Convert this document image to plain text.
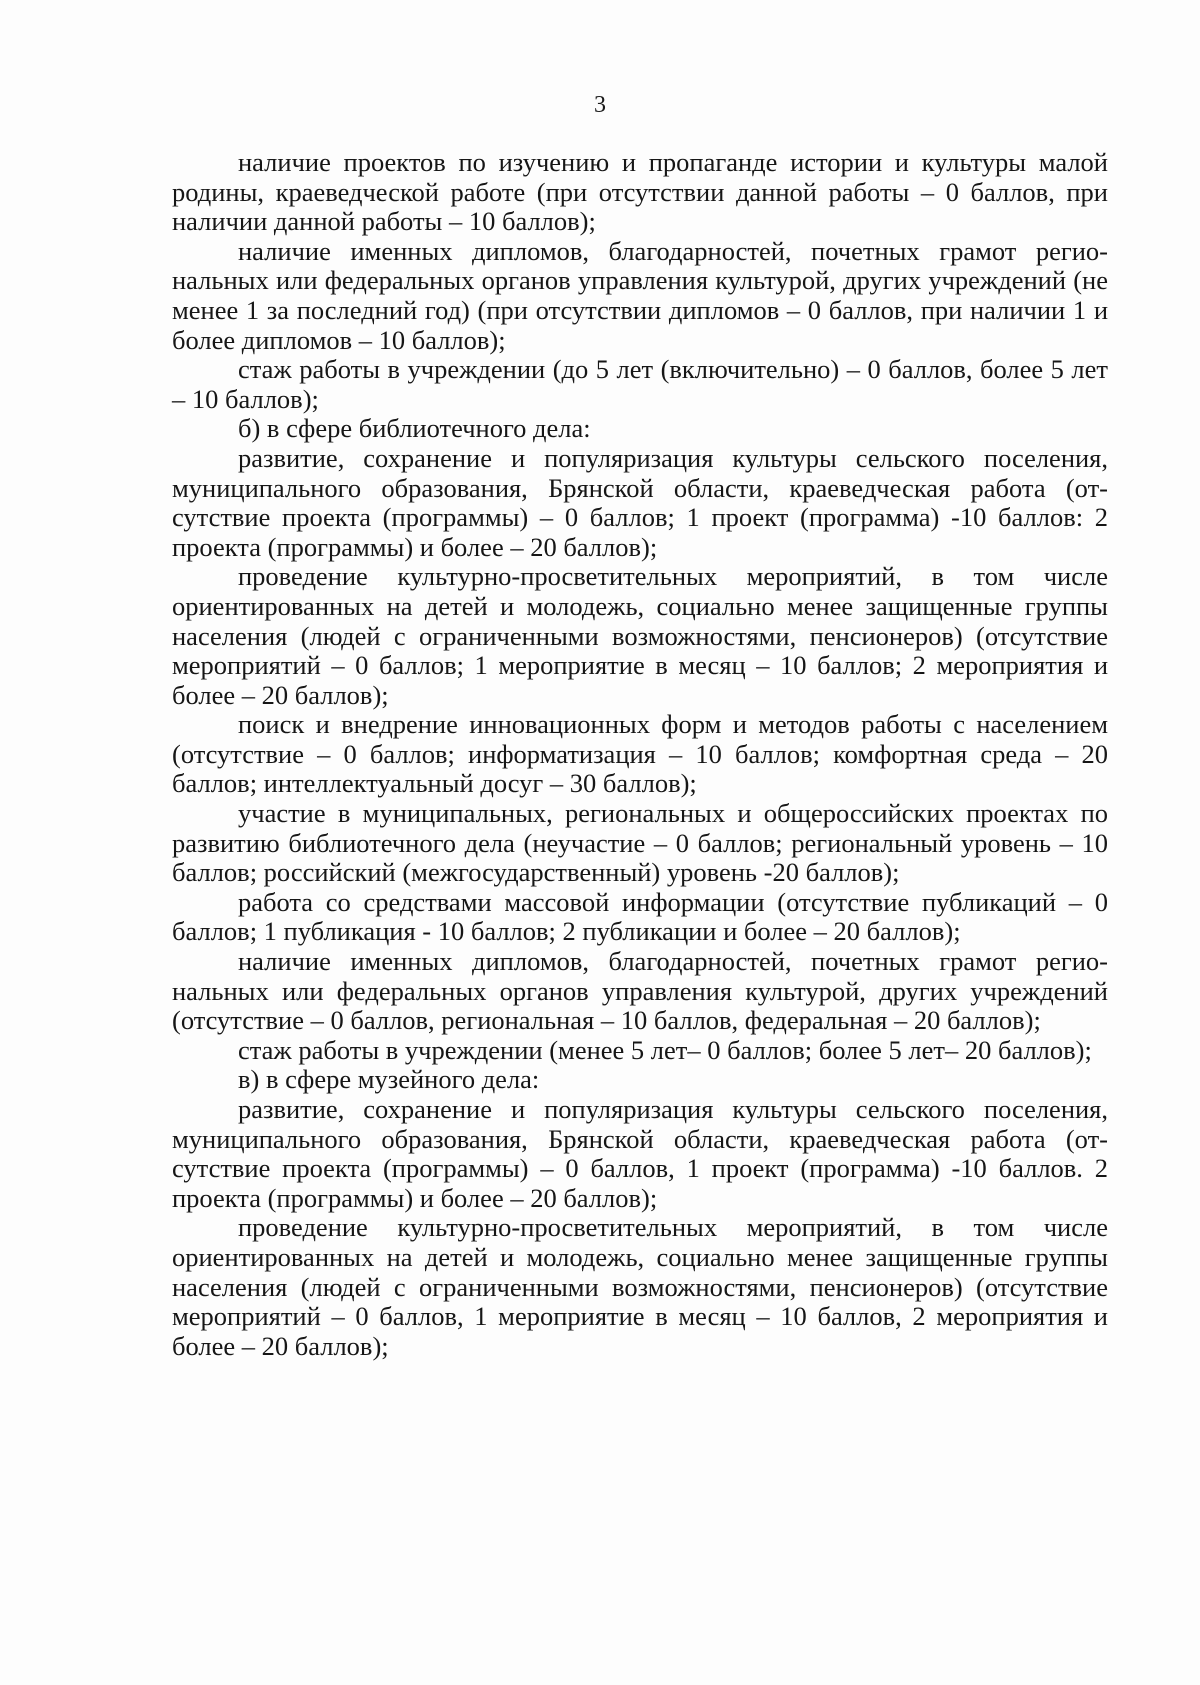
3

наличие проектов по изучению и пропаганде истории и культуры малой родины, краеведческой работе (при отсутствии данной работы – 0 баллов, при наличии данной работы – 10 баллов);

наличие именных дипломов, благодарностей, почетных грамот региональных или федеральных органов управления культурой, других учреждений (не менее 1 за последний год) (при отсутствии дипломов – 0 баллов, при наличии 1 и более дипломов – 10 баллов);

стаж работы в учреждении (до 5 лет (включительно) – 0 баллов, более 5 лет – 10 баллов);

б) в сфере библиотечного дела:

развитие, сохранение и популяризация культуры сельского поселения, муниципального образования, Брянской области, краеведческая работа (отсутствие проекта (программы) – 0 баллов; 1 проект (программа) -10 баллов: 2 проекта (программы) и более – 20 баллов);

проведение культурно-просветительных мероприятий, в том числе ориентированных на детей и молодежь, социально менее защищенные группы населения (людей с ограниченными возможностями, пенсионеров) (отсутствие мероприятий – 0 баллов; 1 мероприятие в месяц – 10 баллов; 2 мероприятия и более – 20 баллов);

поиск и внедрение инновационных форм и методов работы с населением (отсутствие – 0 баллов; информатизация – 10 баллов; комфортная среда – 20 баллов; интеллектуальный досуг – 30 баллов);

участие в муниципальных, региональных и общероссийских проектах по развитию библиотечного дела (неучастие – 0 баллов; региональный уровень – 10 баллов; российский (межгосударственный) уровень -20 баллов);

работа со средствами массовой информации (отсутствие публикаций – 0 баллов; 1 публикация - 10 баллов; 2 публикации и более – 20 баллов);

наличие именных дипломов, благодарностей, почетных грамот региональных или федеральных органов управления культурой, других учреждений (отсутствие – 0 баллов, региональная – 10 баллов, федеральная – 20 баллов);

стаж работы в учреждении (менее 5 лет– 0 баллов; более 5 лет– 20 баллов);

в) в сфере музейного дела:

развитие, сохранение и популяризация культуры сельского поселения, муниципального образования, Брянской области, краеведческая работа (отсутствие проекта (программы) – 0 баллов, 1 проект (программа) -10 баллов. 2 проекта (программы) и более – 20 баллов);

проведение культурно-просветительных мероприятий, в том числе ориентированных на детей и молодежь, социально менее защищенные группы населения (людей с ограниченными возможностями, пенсионеров) (отсутствие мероприятий – 0 баллов, 1 мероприятие в месяц – 10 баллов, 2 мероприятия и более – 20 баллов);
